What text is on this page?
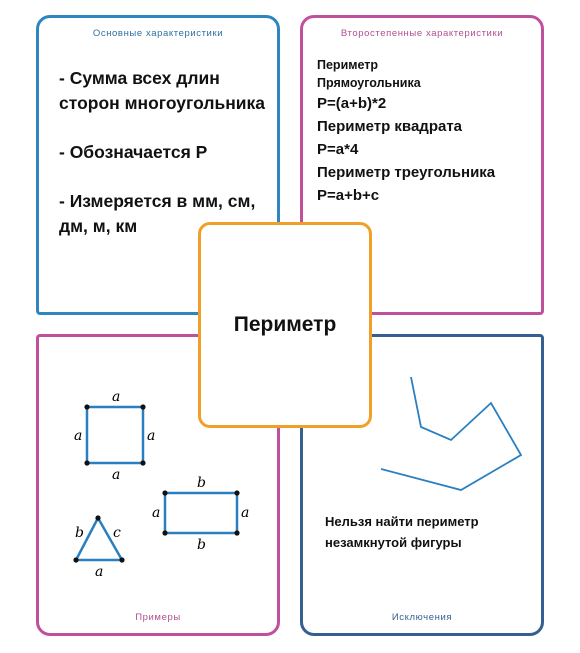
Основные характеристики

- Сумма всех длин сторон многоугольника

- Обозначается Р

- Измеряется в мм, см, дм, м, км

Второстепенные характеристики

Периметр

Прямоугольника

P=(a+b)*2

Периметр квадрата

P=a*4

Периметр треугольника

P=a+b+c

a
a	a
a	b
a	a
b
b c
a
Примеры
Нельзя найти периметр незамкнутой фигуры
Исключения
Периметр
